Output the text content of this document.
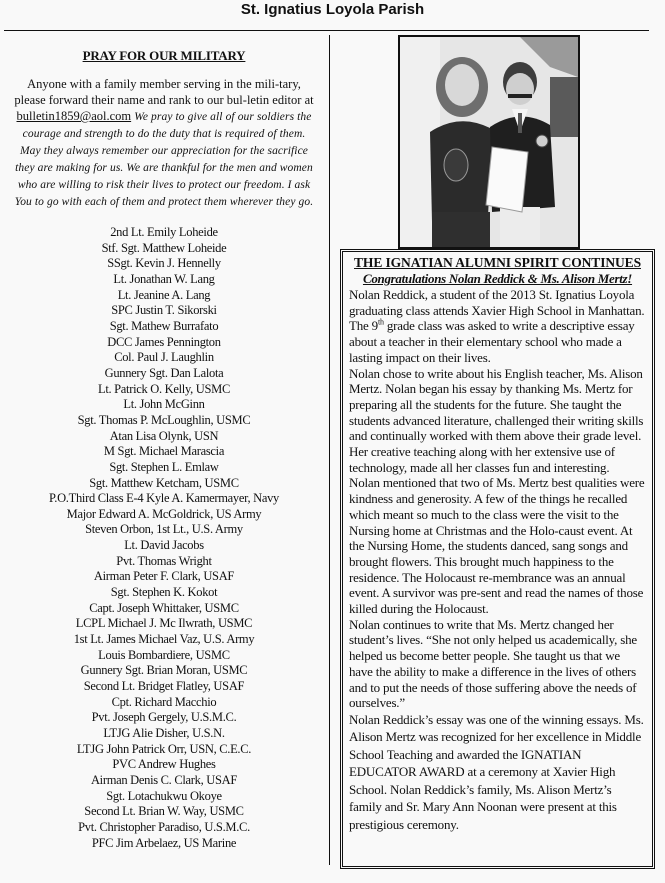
St. Ignatius Loyola Parish
PRAY FOR OUR MILITARY

Anyone with a family member serving in the mili-tary, please forward their name and rank to our bul-letin editor at bulletin1859@aol.com We pray to give all of our soldiers the courage and strength to do the duty that is required of them. May they always remember our appreciation for the sacrifice they are making for us. We are thankful for the men and women who are willing to risk their lives to protect our freedom. I ask You to go with each of them and protect them wherever they go.

2nd Lt. Emily Loheide
Stf. Sgt. Matthew Loheide
SSgt. Kevin J. Hennelly
Lt. Jonathan W. Lang
Lt. Jeanine A. Lang
SPC Justin T. Sikorski
Sgt. Mathew Burrafato
DCC James Pennington
Col. Paul J. Laughlin
Gunnery Sgt. Dan Lalota
Lt. Patrick O. Kelly, USMC
Lt. John McGinn
Sgt. Thomas P. McLoughlin, USMC
Atan Lisa Olynk, USN
M Sgt. Michael Marascia
Sgt. Stephen L. Emlaw
Sgt. Matthew Ketcham, USMC
P.O.Third Class E-4 Kyle A. Kamermayer, Navy
Major Edward A. McGoldrick, US Army
Steven Orbon, 1st Lt., U.S. Army
Lt. David Jacobs
Pvt. Thomas Wright
Airman Peter F. Clark, USAF
Sgt. Stephen K. Kokot
Capt. Joseph Whittaker, USMC
LCPL Michael J. Mc Ilwrath, USMC
1st Lt. James Michael Vaz, U.S. Army
Louis Bombardiere, USMC
Gunnery Sgt. Brian Moran, USMC
Second Lt. Bridget Flatley, USAF
Cpt. Richard Macchio
Pvt. Joseph Gergely, U.S.M.C.
LTJG Alie Disher, U.S.N.
LTJG John Patrick Orr, USN, C.E.C.
PVC Andrew Hughes
Airman Denis C. Clark, USAF
Sgt. Lotachukwu Okoye
Second Lt. Brian W. Way, USMC
Pvt. Christopher Paradiso, U.S.M.C.
PFC Jim Arbelaez, US Marine
THE IGNATIAN ALUMNI SPIRIT CONTINUES
Congratulations Nolan Reddick & Ms. Alison Mertz!

Nolan Reddick, a student of the 2013 St. Ignatius Loyola graduating class attends Xavier High School in Manhattan. The 9th grade class was asked to write a descriptive essay about a teacher in their elementary school who made a lasting impact on their lives.

Nolan chose to write about his English teacher, Ms. Alison Mertz. Nolan began his essay by thanking Ms. Mertz for preparing all the students for the future. She taught the students advanced literature, challenged their writing skills and continually worked with them above their grade level. Her creative teaching along with her extensive use of technology, made all her classes fun and interesting.

Nolan mentioned that two of Ms. Mertz best qualities were kindness and generosity. A few of the things he recalled which meant so much to the class were the visit to the Nursing home at Christmas and the Holo-caust event. At the Nursing Home, the students danced, sang songs and brought flowers. This brought much happiness to the residence. The Holocaust re-membrance was an annual event. A survivor was pre-sent and read the names of those killed during the Holocaust.

Nolan continues to write that Ms. Mertz changed her student’s lives. “She not only helped us academically, she helped us become better people. She taught us that we have the ability to make a difference in the lives of others and to put the needs of those suffering above the needs of ourselves.”

Nolan Reddick’s essay was one of the winning essays. Ms. Alison Mertz was recognized for her excellence in Middle School Teaching and awarded the IGNATIAN EDUCATOR AWARD at a ceremony at Xavier High School. Nolan Reddick’s family, Ms. Alison Mertz’s family and Sr. Mary Ann Noonan were present at this prestigious ceremony.
